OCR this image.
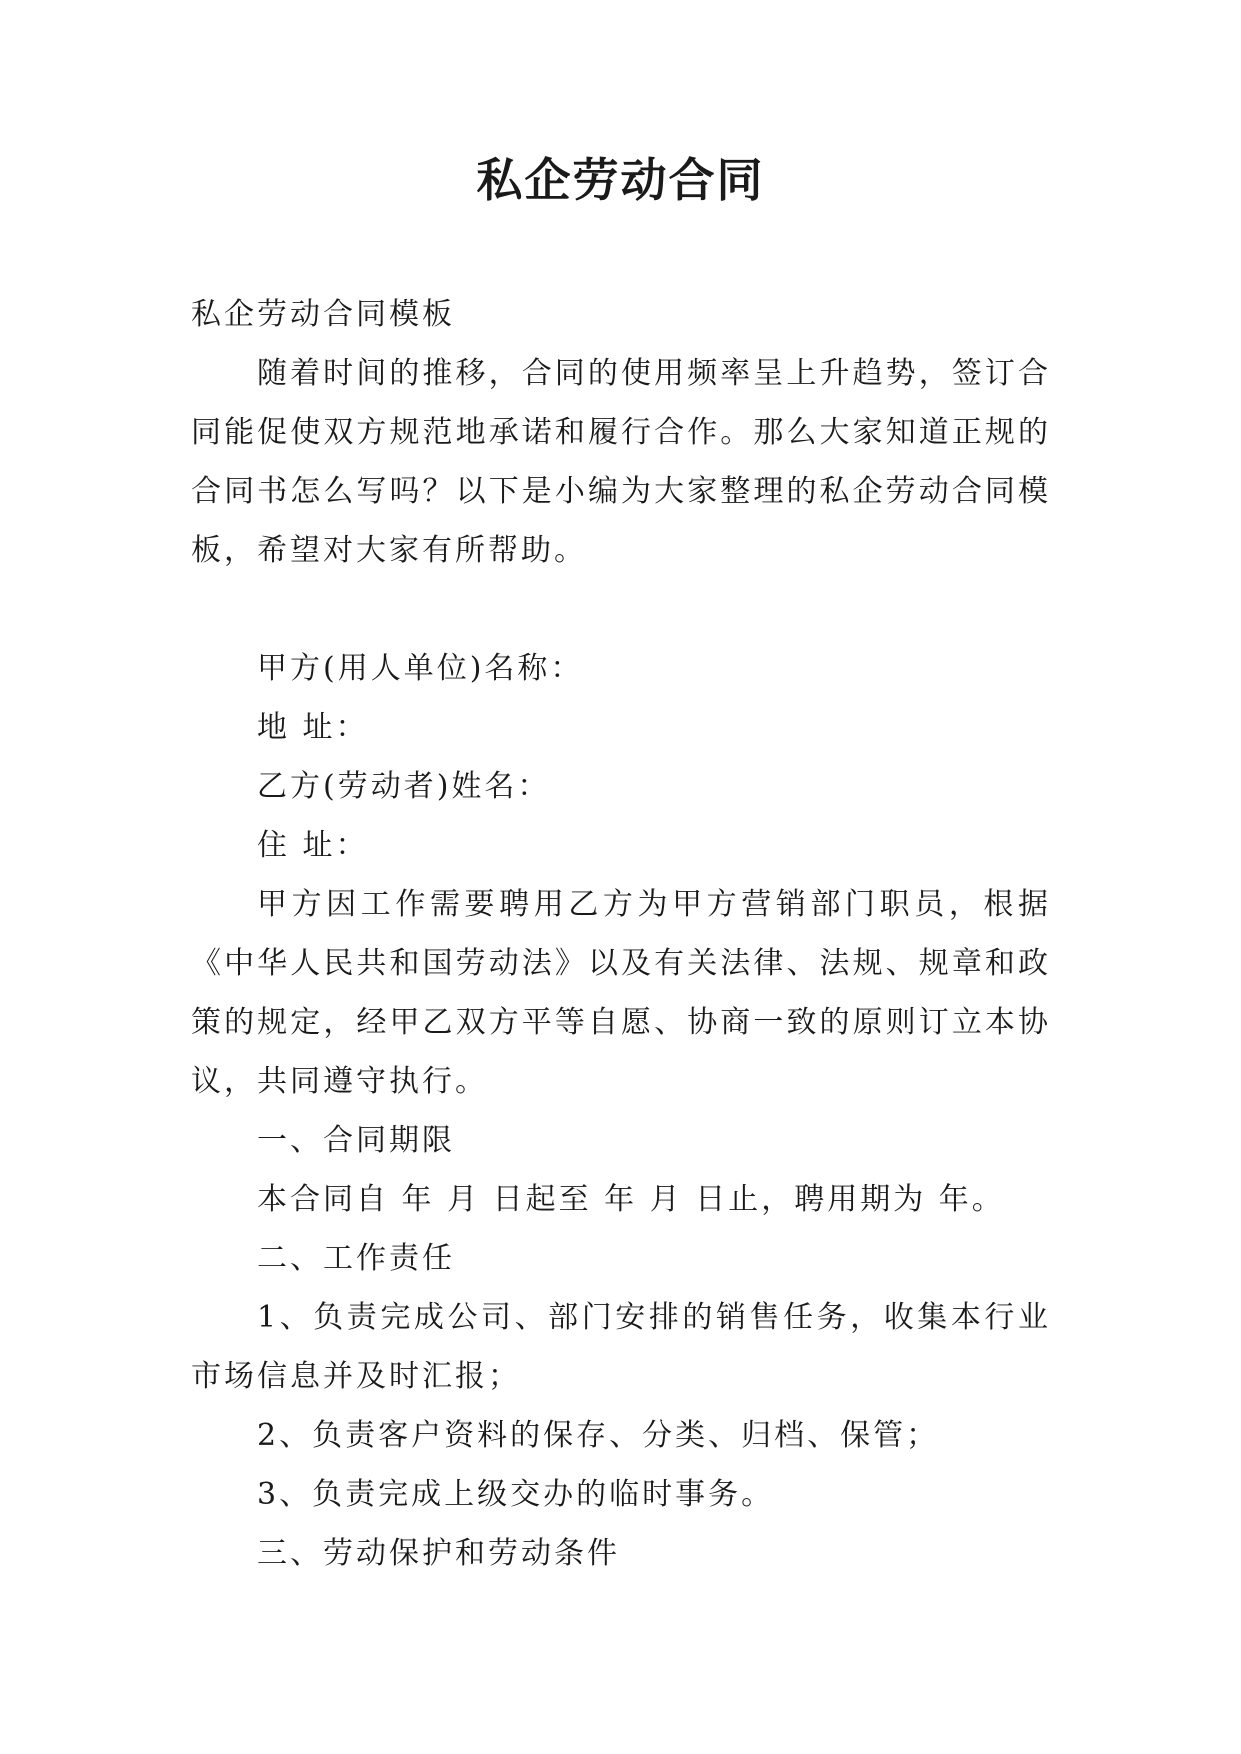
私企劳动合同

私企劳动合同模板

随着时间的推移，合同的使用频率呈上升趋势，签订合同能促使双方规范地承诺和履行合作。那么大家知道正规的合同书怎么写吗？以下是小编为大家整理的私企劳动合同模板，希望对大家有所帮助。

甲方(用人单位)名称：

地 址：

乙方(劳动者)姓名：

住 址：

甲方因工作需要聘用乙方为甲方营销部门职员，根据《中华人民共和国劳动法》以及有关法律、法规、规章和政策的规定，经甲乙双方平等自愿、协商一致的原则订立本协议，共同遵守执行。

一、合同期限

本合同自 年 月 日起至 年 月 日止，聘用期为 年。

二、工作责任

1、负责完成公司、部门安排的销售任务，收集本行业市场信息并及时汇报；

2、负责客户资料的保存、分类、归档、保管；

3、负责完成上级交办的临时事务。

三、劳动保护和劳动条件
